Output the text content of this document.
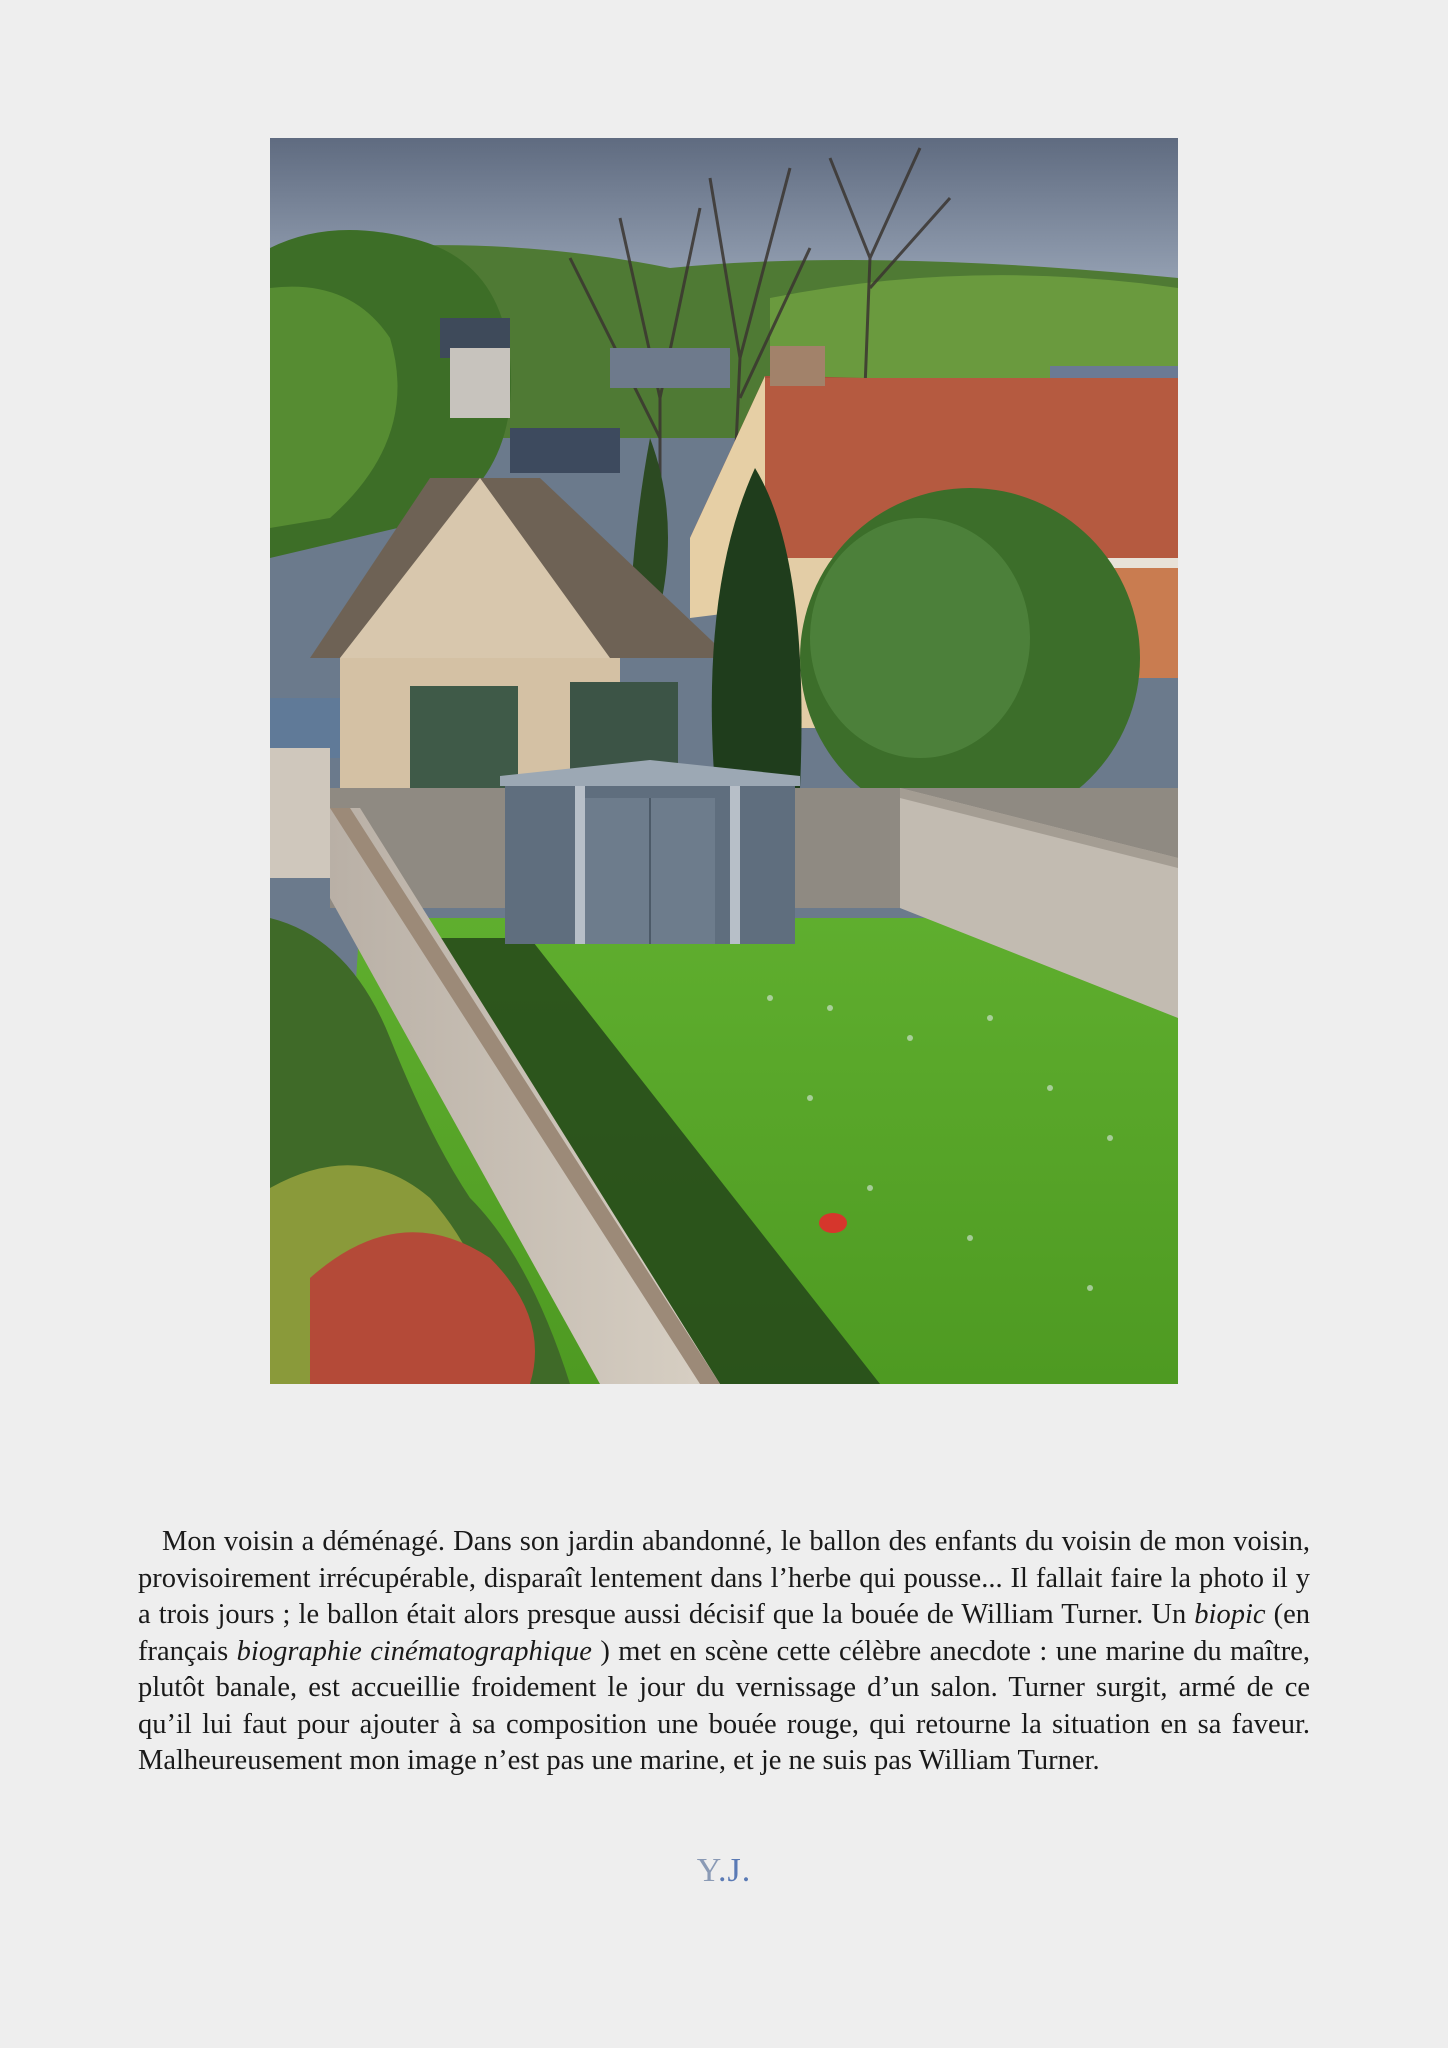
Mon voisin a déménagé. Dans son jardin abandonné, le ballon des enfants du voisin de mon voisin, provisoirement irrécupérable, disparaît lentement dans l’herbe qui pousse... Il fallait faire la photo il y a trois jours ; le ballon était alors presque aussi décisif que la bouée de William Turner. Un biopic (en français biographie cinématographique ) met en scène cette célèbre anecdote : une marine du maître, plutôt banale, est accueillie froidement le jour du vernissage d’un salon. Turner surgit, armé de ce qu’il lui faut pour ajouter à sa composition une bouée rouge, qui retourne la situation en sa faveur. Malheureusement mon image n’est pas une marine, et je ne suis pas William Turner.
Y.J.
